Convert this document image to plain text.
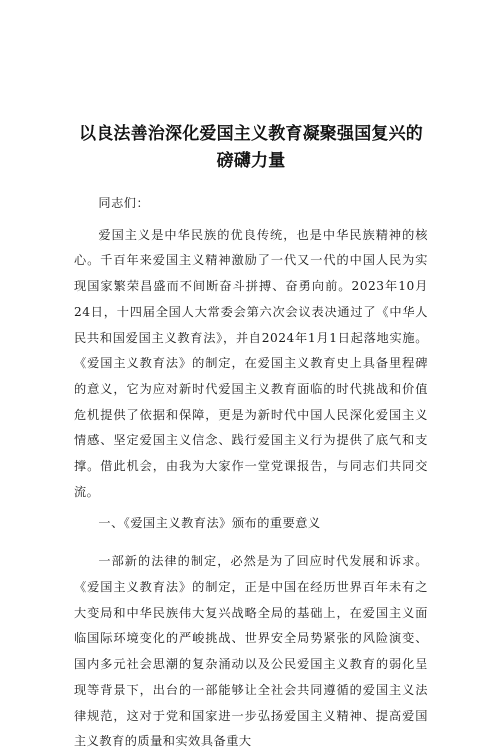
以良法善治深化爱国主义教育凝聚强国复兴的
磅礴力量

同志们：

爱国主义是中华民族的优良传统，也是中华民族精神的核心。千百年来爱国主义精神激励了一代又一代的中国人民为实现国家繁荣昌盛而不间断奋斗拼搏、奋勇向前。2023年10月24日，十四届全国人大常委会第六次会议表决通过了《中华人民共和国爱国主义教育法》，并自2024年1月1日起落地实施。《爱国主义教育法》的制定，在爱国主义教育史上具备里程碑的意义，它为应对新时代爱国主义教育面临的时代挑战和价值危机提供了依据和保障，更是为新时代中国人民深化爱国主义情感、坚定爱国主义信念、践行爱国主义行为提供了底气和支撑。借此机会，由我为大家作一堂党课报告，与同志们共同交流。

一、《爱国主义教育法》颁布的重要意义

一部新的法律的制定，必然是为了回应时代发展和诉求。《爱国主义教育法》的制定，正是中国在经历世界百年未有之大变局和中华民族伟大复兴战略全局的基础上，在爱国主义面临国际环境变化的严峻挑战、世界安全局势紧张的风险演变、国内多元社会思潮的复杂涌动以及公民爱国主义教育的弱化呈现等背景下，出台的一部能够让全社会共同遵循的爱国主义法律规范，这对于党和国家进一步弘扬爱国主义精神、提高爱国主义教育的质量和实效具备重大
